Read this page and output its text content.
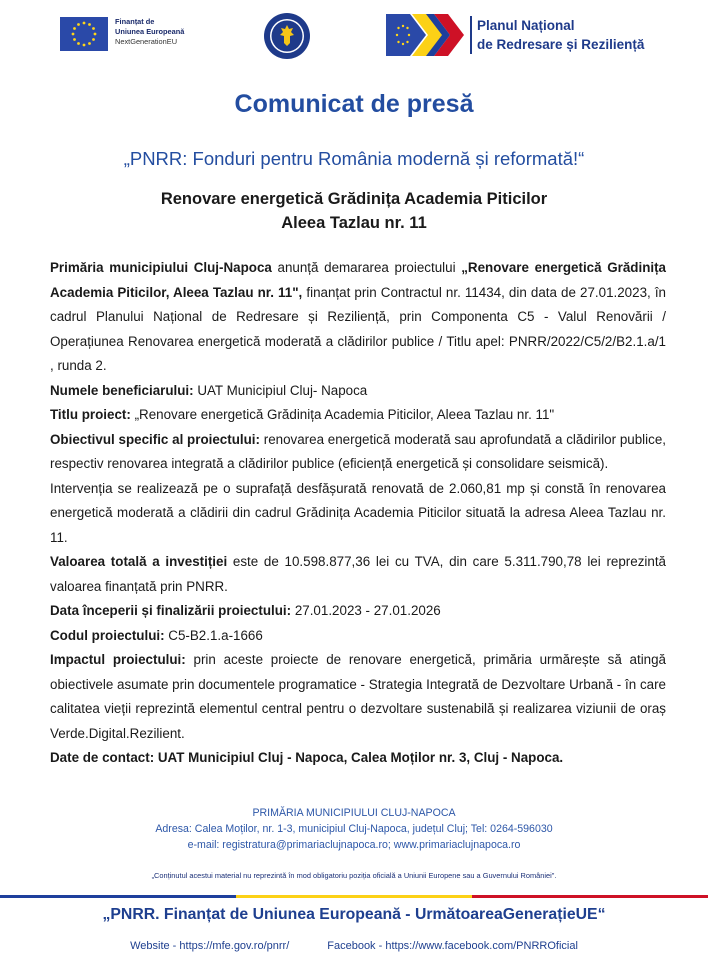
Finanțat de
Uniunea Europeană
NextGenerationEU
Planul Național
de Redresare și Reziliență
Comunicat de presă
„PNRR: Fonduri pentru România modernă și reformată!“
Renovare energetică Grădinița Academia Piticilor
Aleea Tazlau nr. 11

Primăria municipiului Cluj-Napoca anunță demararea proiectului „Renovare energetică Grădinița Academia Piticilor, Aleea Tazlau nr. 11", finanțat prin Contractul nr. 11434, din data de 27.01.2023, în cadrul Planului Național de Redresare și Reziliență, prin Componenta C5 - Valul Renovării / Operațiunea Renovarea energetică moderată a clădirilor publice / Titlu apel: PNRR/2022/C5/2/B2.1.a/1 , runda 2.

Numele beneficiarului: UAT Municipiul Cluj- Napoca

Titlu proiect: „Renovare energetică Grădinița Academia Piticilor, Aleea Tazlau nr. 11"

Obiectivul specific al proiectului: renovarea energetică moderată sau aprofundată a clădirilor publice, respectiv renovarea integrată a clădirilor publice (eficiență energetică și consolidare seismică).

Intervenția se realizează pe o suprafață desfășurată renovată de 2.060,81 mp și constă în renovarea energetică moderată a clădirii din cadrul Grădinița Academia Piticilor situată la adresa Aleea Tazlau nr. 11.

Valoarea totală a investiției este de 10.598.877,36 lei cu TVA, din care 5.311.790,78 lei reprezintă valoarea finanțată prin PNRR.

Data începerii și finalizării proiectului: 27.01.2023 - 27.01.2026

Codul proiectului: C5-B2.1.a-1666

Impactul proiectului: prin aceste proiecte de renovare energetică, primăria urmărește să atingă obiectivele asumate prin documentele programatice - Strategia Integrată de Dezvoltare Urbană - în care calitatea vieții reprezintă elementul central pentru o dezvoltare sustenabilă și realizarea viziunii de oraș Verde.Digital.Rezilient.

Date de contact: UAT Municipiul Cluj - Napoca, Calea Moților nr. 3, Cluj - Napoca.

PRIMĂRIA MUNICIPIULUI CLUJ-NAPOCA
Adresa: Calea Moților, nr. 1-3, municipiul Cluj-Napoca, județul Cluj; Tel: 0264-596030
e-mail: registratura@primariaclujnapoca.ro; www.primariaclujnapoca.ro
„Conținutul acestui material nu reprezintă în mod obligatoriu poziția oficială a Uniunii Europene sau a Guvernului României".
„PNRR. Finanțat de Uniunea Europeană - UrmătoareaGenerațieUE“
Website - https://mfe.gov.ro/pnrr/	Facebook - https://www.facebook.com/PNRROficial
